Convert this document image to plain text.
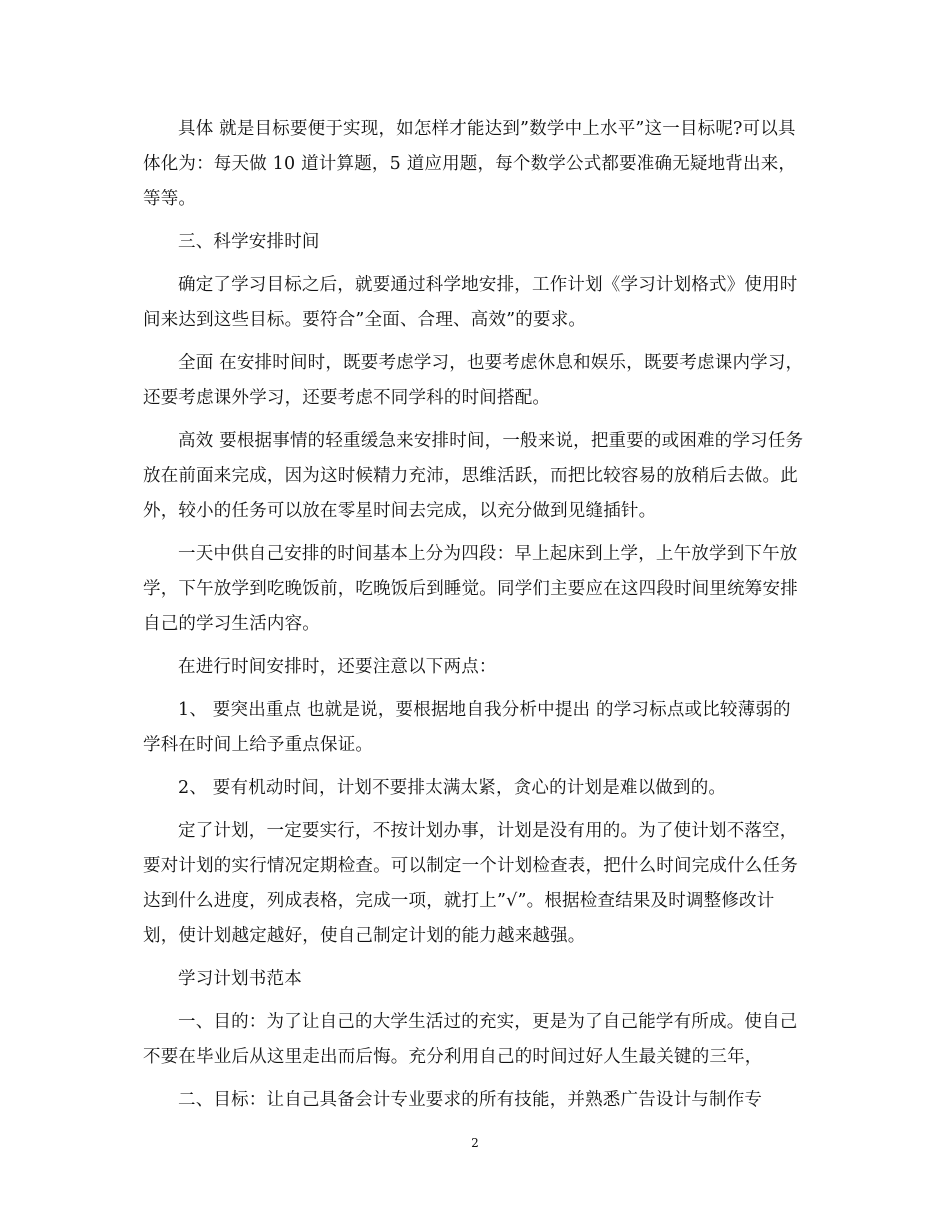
具体 就是目标要便于实现，如怎样才能达到”数学中上水平”这一目标呢?可以具体化为：每天做 10 道计算题，5 道应用题，每个数学公式都要准确无疑地背出来，等等。

三、科学安排时间

确定了学习目标之后，就要通过科学地安排，工作计划《学习计划格式》使用时间来达到这些目标。要符合”全面、合理、高效”的要求。

全面 在安排时间时，既要考虑学习，也要考虑休息和娱乐，既要考虑课内学习，还要考虑课外学习，还要考虑不同学科的时间搭配。

高效 要根据事情的轻重缓急来安排时间，一般来说，把重要的或困难的学习任务放在前面来完成，因为这时候精力充沛，思维活跃，而把比较容易的放稍后去做。此外，较小的任务可以放在零星时间去完成，以充分做到见缝插针。

一天中供自己安排的时间基本上分为四段：早上起床到上学，上午放学到下午放学，下午放学到吃晚饭前，吃晚饭后到睡觉。同学们主要应在这四段时间里统筹安排自己的学习生活内容。

在进行时间安排时，还要注意以下两点：

1、 要突出重点 也就是说，要根据地自我分析中提出 的学习标点或比较薄弱的学科在时间上给予重点保证。

2、 要有机动时间，计划不要排太满太紧，贪心的计划是难以做到的。

定了计划，一定要实行，不按计划办事，计划是没有用的。为了使计划不落空，要对计划的实行情况定期检查。可以制定一个计划检查表，把什么时间完成什么任务达到什么进度，列成表格，完成一项，就打上”√”。根据检查结果及时调整修改计划，使计划越定越好，使自己制定计划的能力越来越强。

学习计划书范本

一、目的：为了让自己的大学生活过的充实，更是为了自己能学有所成。使自己不要在毕业后从这里走出而后悔。充分利用自己的时间过好人生最关键的三年，

二、目标：让自己具备会计专业要求的所有技能，并熟悉广告设计与制作专

2
